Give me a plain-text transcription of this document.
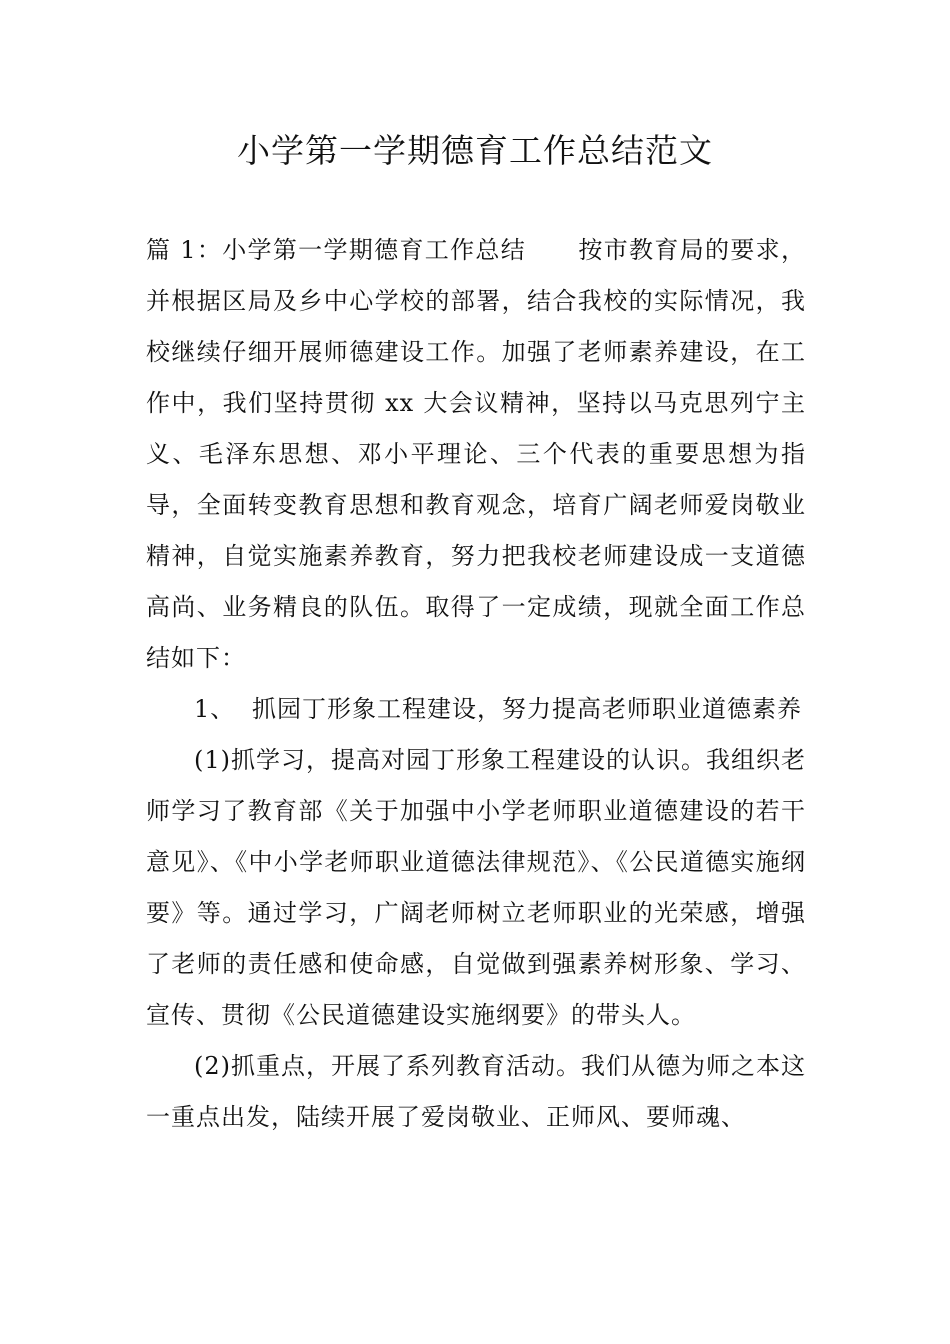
小学第一学期德育工作总结范文

篇 1：小学第一学期德育工作总结 按市教育局的要求，并根据区局及乡中心学校的部署，结合我校的实际情况，我校继续仔细开展师德建设工作。加强了老师素养建设，在工作中，我们坚持贯彻 xx 大会议精神，坚持以马克思列宁主义、毛泽东思想、邓小平理论、三个代表的重要思想为指导，全面转变教育思想和教育观念，培育广阔老师爱岗敬业精神，自觉实施素养教育，努力把我校老师建设成一支道德高尚、业务精良的队伍。取得了一定成绩，现就全面工作总结如下：

1、 抓园丁形象工程建设，努力提高老师职业道德素养

(1)抓学习，提高对园丁形象工程建设的认识。我组织老师学习了教育部《关于加强中小学老师职业道德建设的若干意见》、《中小学老师职业道德法律规范》、《公民道德实施纲要》等。通过学习，广阔老师树立老师职业的光荣感，增强了老师的责任感和使命感，自觉做到强素养树形象、学习、宣传、贯彻《公民道德建设实施纲要》的带头人。

(2)抓重点，开展了系列教育活动。我们从德为师之本这一重点出发，陆续开展了爱岗敬业、正师风、要师魂、
